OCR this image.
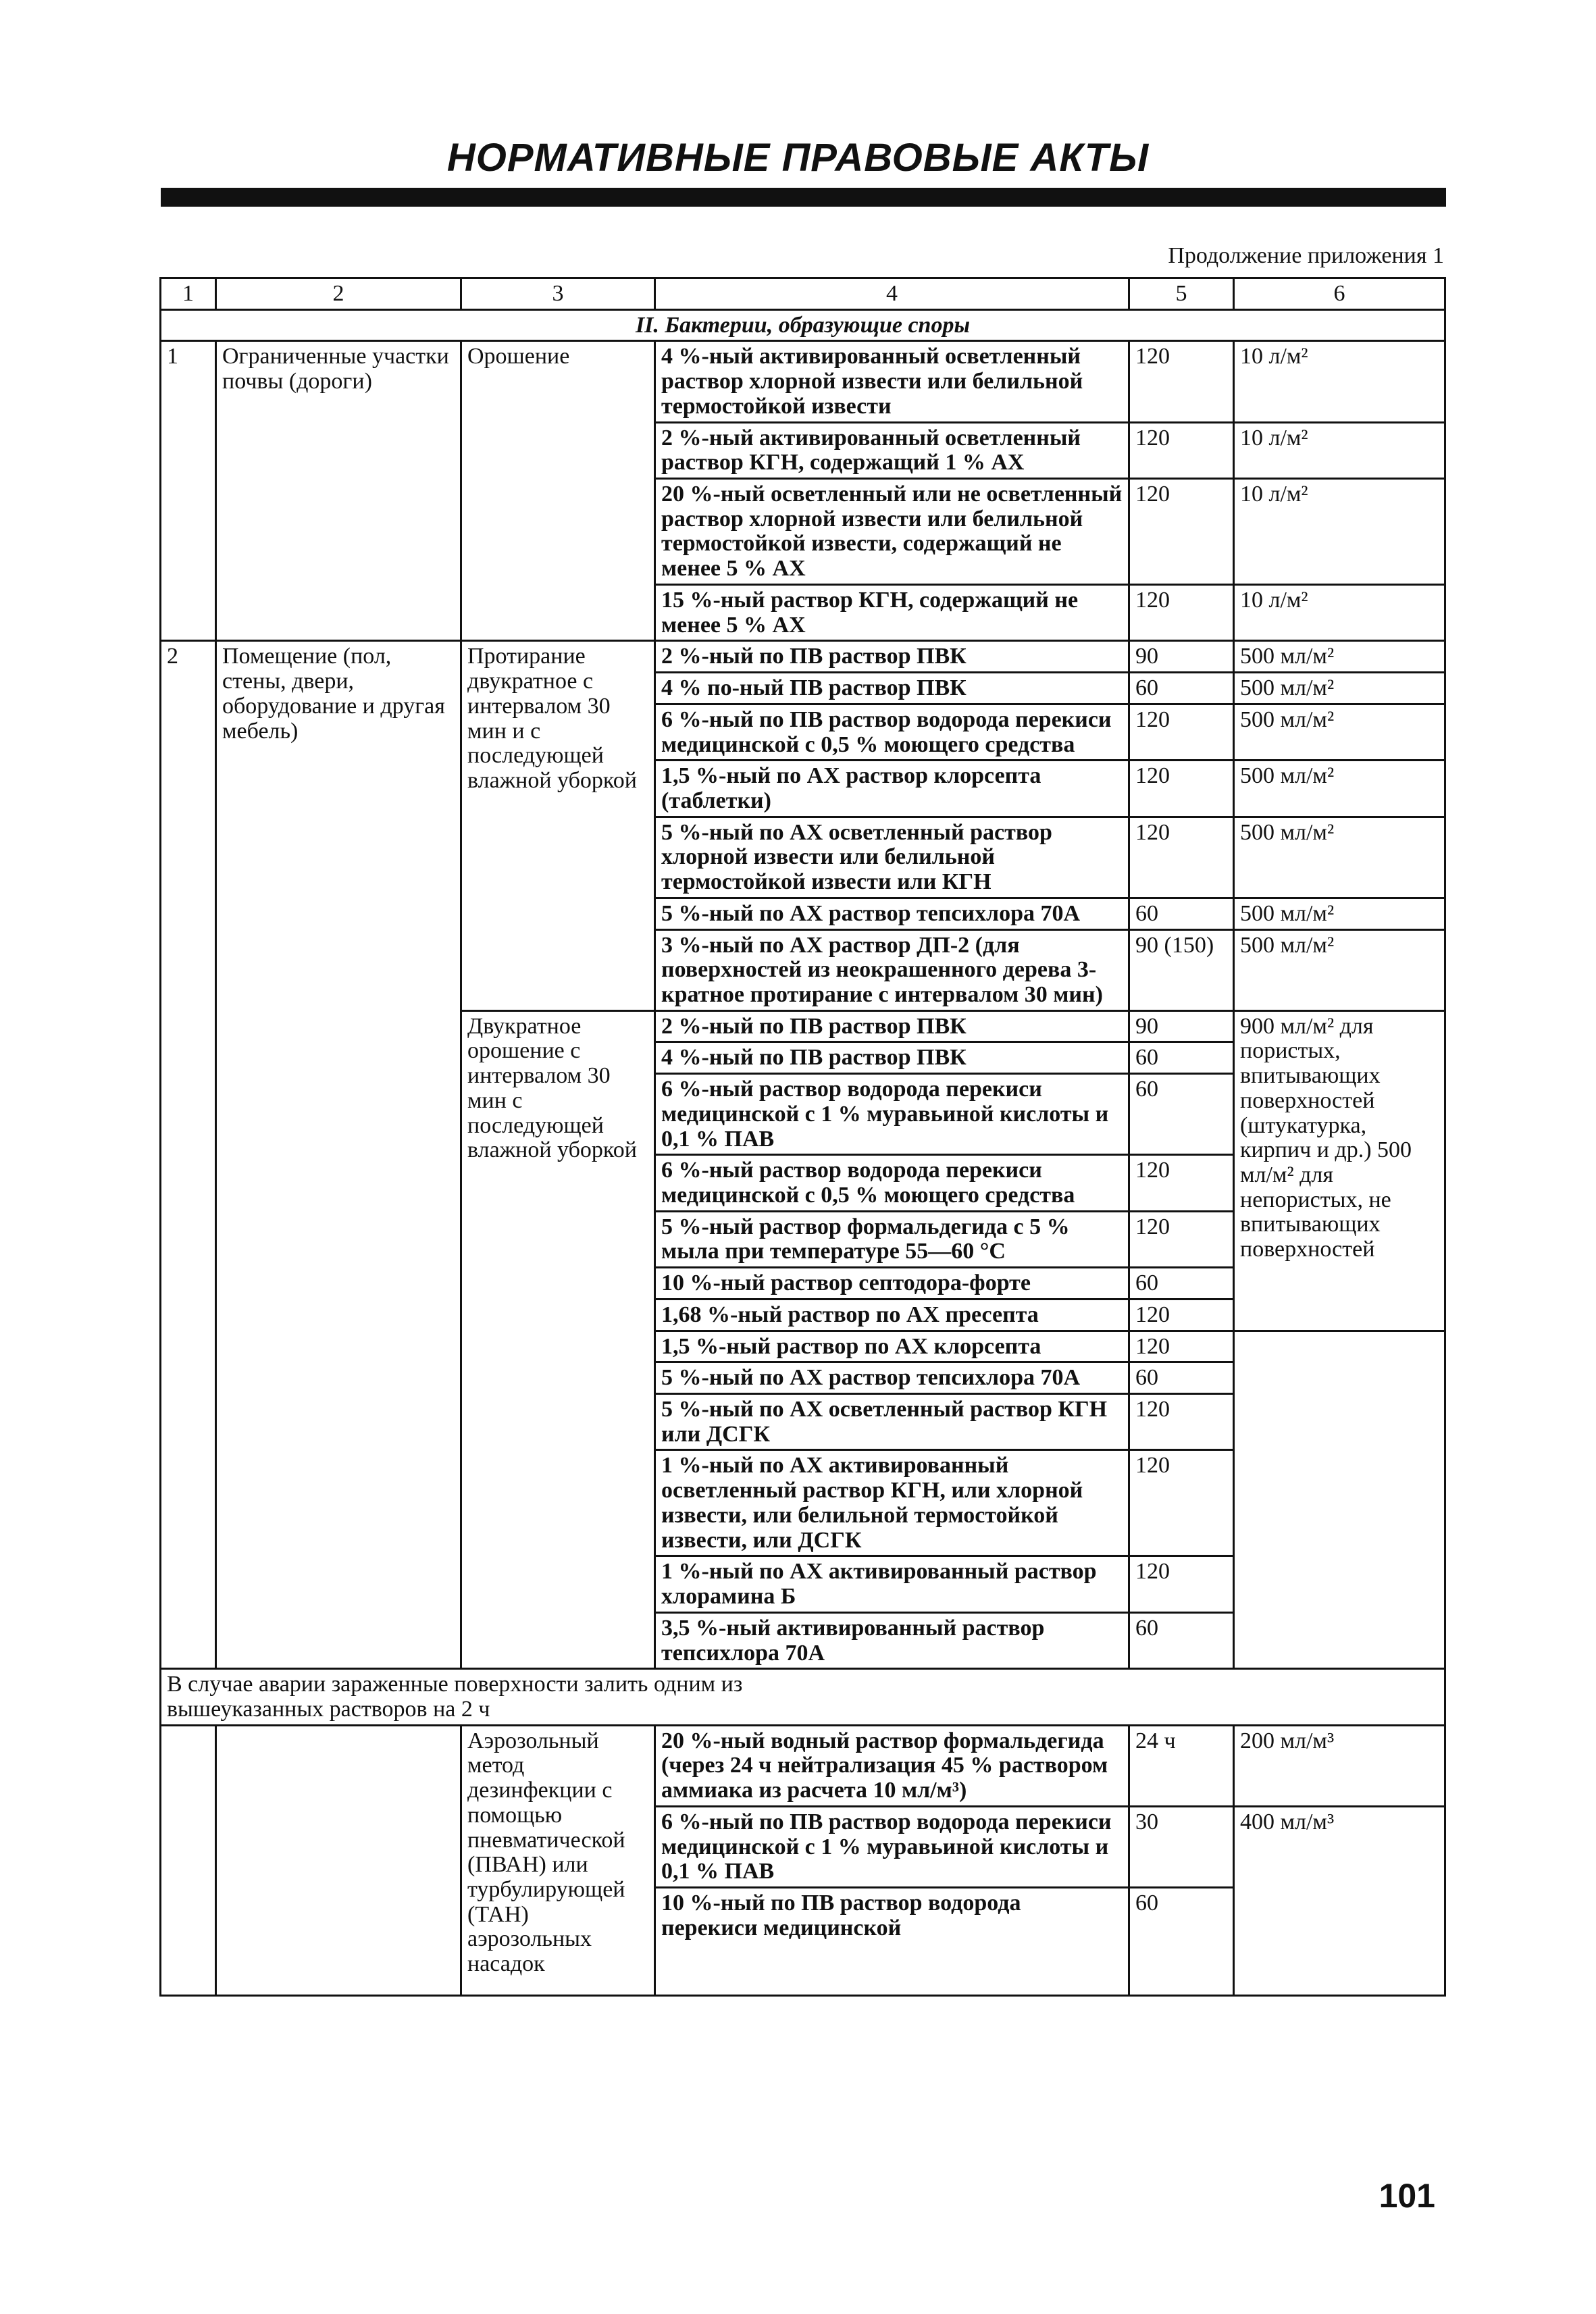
НОРМАТИВНЫЕ ПРАВОВЫЕ АКТЫ
Продолжение приложения 1
1	2	3	4	5	6
II. Бактерии, образующие споры					
1	Ограниченные участки почвы (дороги)	Орошение	4 %-ный активированный осветленный раствор хлорной извести или белильной термостойкой извести	120	10 л/м²
			2 %-ный активированный осветленный раствор КГН, содержащий 1 % АХ	120	10 л/м²
			20 %-ный осветленный или не осветленный раствор хлорной извести или белильной термостойкой извести, содержащий не менее 5 % АХ	120	10 л/м²
			15 %-ный раствор КГН, содержащий не менее 5 % АХ	120	10 л/м²
2	Помещение (пол, стены, двери, оборудование и другая мебель)	Протирание двукратное с интервалом 30 мин и с последующей влажной уборкой	2 %-ный по ПВ раствор ПВК	90	500 мл/м²
			4 % по-ный ПВ раствор ПВК	60	500 мл/м²
			6 %-ный по ПВ раствор водорода перекиси медицинской с 0,5 % моющего средства	120	500 мл/м²
			1,5 %-ный по АХ раствор клорсепта (таблетки)	120	500 мл/м²
			5 %-ный по АХ осветленный раствор хлорной извести или белильной термостойкой извести или КГН	120	500 мл/м²
			5 %-ный по АХ раствор тепсихлора 70А	60	500 мл/м²
			3 %-ный по АХ раствор ДП-2 (для поверхностей из неокрашенного дерева 3-кратное протирание с интервалом 30 мин)	90 (150)	500 мл/м²
		Двукратное орошение с интервалом 30 мин с последующей влажной уборкой	2 %-ный по ПВ раствор ПВК	90	900 мл/м² для пористых, впитывающих поверхностей (штукатурка, кирпич и др.) 500 мл/м² для непористых, не впитывающих поверхностей
			4 %-ный по ПВ раствор ПВК	60	
			6 %-ный раствор водорода перекиси медицинской с 1 % муравьиной кислоты и 0,1 % ПАВ	60	
			6 %-ный раствор водорода перекиси медицинской с 0,5 % моющего средства	120	
			5 %-ный раствор формальдегида с 5 % мыла при температуре 55—60 °С	120	
			10 %-ный раствор септодора-форте	60	
			1,68 %-ный раствор по АХ пресепта	120	
			1,5 %-ный раствор по АХ клорсепта	120	
			5 %-ный по АХ раствор тепсихлора 70А	60	
			5 %-ный по АХ осветленный раствор КГН или ДСГК	120	
			1 %-ный по АХ активированный осветленный раствор КГН, или хлорной извести, или белильной термостойкой извести, или ДСГК	120	
			1 %-ный по АХ активированный раствор хлорамина Б	120	
			3,5 %-ный активированный раствор тепсихлора 70А	60	
В случае аварии зараженные поверхности залить одним из вышеуказанных растворов на 2 ч					
		Аэрозольный метод дезинфекции с помощью пневматической (ПВАН) или турбулирующей (ТАН) аэрозольных насадок	20 %-ный водный раствор формальдегида (через 24 ч нейтрализация 45 % раствором аммиака из расчета 10 мл/м³)	24 ч	200 мл/м³
			6 %-ный по ПВ раствор водорода перекиси медицинской с 1 % муравьиной кислоты и 0,1 % ПАВ	30	400 мл/м³
			10 %-ный по ПВ раствор водорода перекиси медицинской	60	
101
